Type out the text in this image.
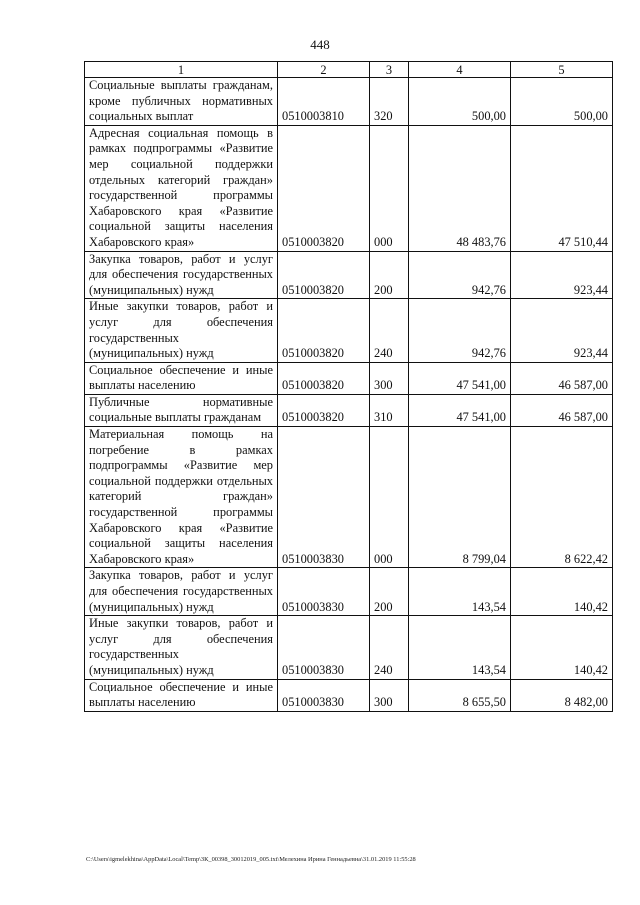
448
1	2	3	4	5
Социальные выплаты гражданам, кроме публичных нормативных социальных выплат	0510003810	320	500,00	500,00
Адресная социальная помощь в рамках подпрограммы «Развитие мер социальной поддержки отдельных категорий граждан» государственной программы Хабаровского края «Развитие социальной защиты населения Хабаровского края»	0510003820	000	48 483,76	47 510,44
Закупка товаров, работ и услуг для обеспечения государственных (муниципальных) нужд	0510003820	200	942,76	923,44
Иные закупки товаров, работ и услуг для обеспечения государственных (муниципальных) нужд	0510003820	240	942,76	923,44
Социальное обеспечение и иные выплаты населению	0510003820	300	47 541,00	46 587,00
Публичные нормативные социальные выплаты гражданам	0510003820	310	47 541,00	46 587,00
Материальная помощь на погребение в рамках подпрограммы «Развитие мер социальной поддержки отдельных категорий граждан» государственной программы Хабаровского края «Развитие социальной защиты населения Хабаровского края»	0510003830	000	8 799,04	8 622,42
Закупка товаров, работ и услуг для обеспечения государственных (муниципальных) нужд	0510003830	200	143,54	140,42
Иные закупки товаров, работ и услуг для обеспечения государственных (муниципальных) нужд	0510003830	240	143,54	140,42
Социальное обеспечение и иные выплаты населению	0510003830	300	8 655,50	8 482,00
C:\Users\igmelekhina\AppData\Local\Temp\ЗК_00398_30012019_005.txt\Мелехина Ирина Геннадьевна\31.01.2019 11:55:28
